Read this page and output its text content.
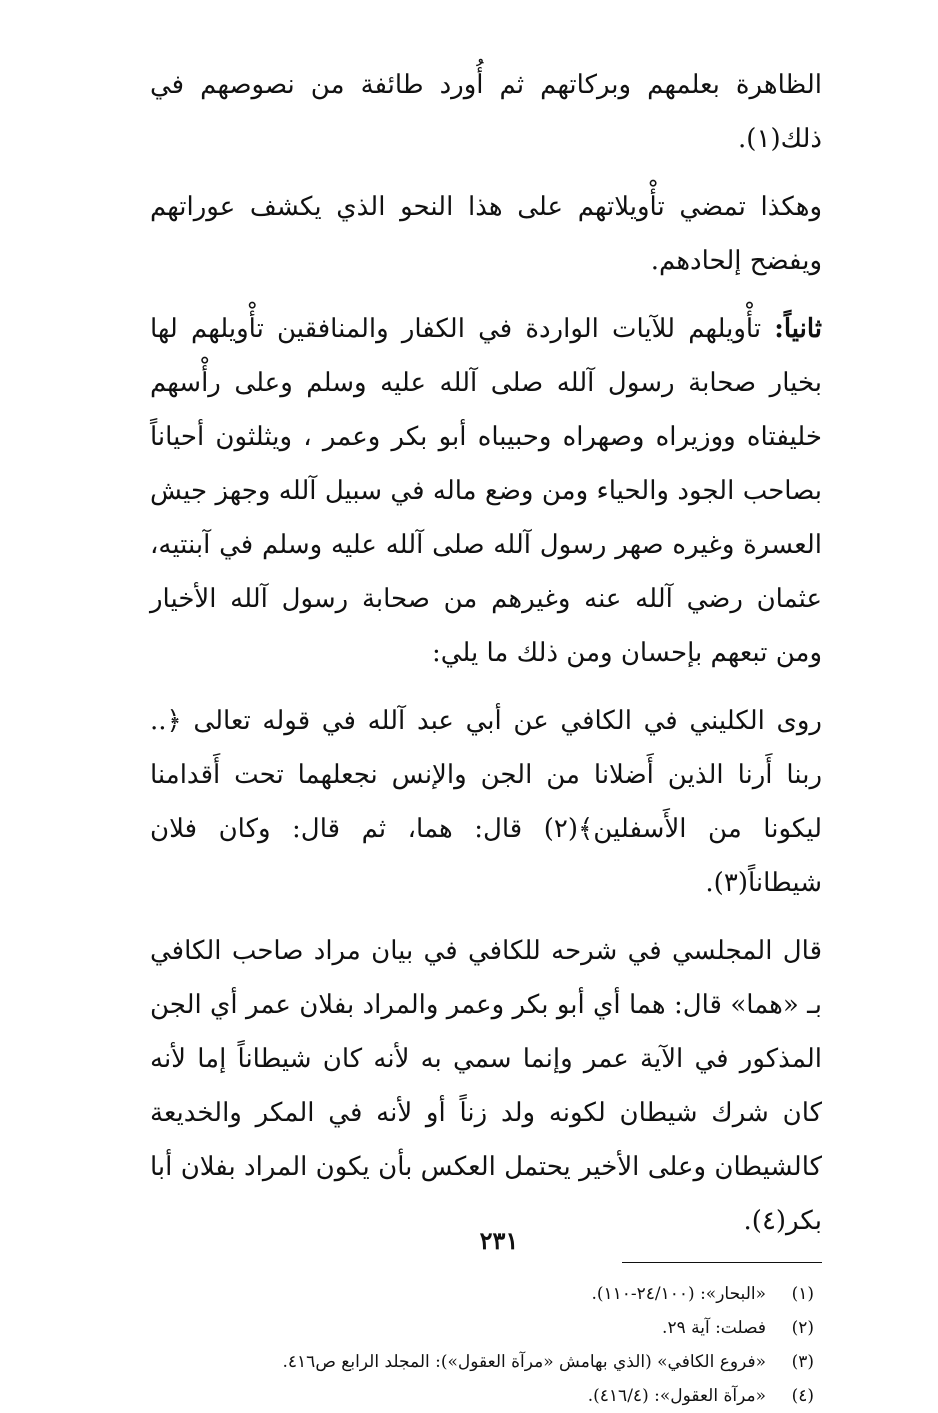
الظاهرة بعلمهم وبركاتهم ثم أُورد طائفة من نصوصهم في ذلك(١).

وهكذا تمضي تأْويلاتهم على هذا النحو الذي يكشف عوراتهم ويفضح إلحادهم.

ثانياً: تأْويلهم للآيات الواردة في الكفار والمنافقين تأْويلهم لها بخيار صحابة رسول آلله صلى آلله عليه وسلم وعلى رأْسهم خليفتاه ووزيراه وصهراه وحبيباه أبو بكر وعمر ، ويثلثون أحياناً بصاحب الجود والحياء ومن وضع ماله في سبيل آلله وجهز جيش العسرة وغيره صهر رسول آلله صلى آلله عليه وسلم في آبنتيه، عثمان رضي آلله عنه وغيرهم من صحابة رسول آلله الأخيار ومن تبعهم بإحسان ومن ذلك ما يلي:

روى الكليني في الكافي عن أبي عبد آلله في قوله تعالى ﴿.. ربنا أَرنا الذين أَضلانا من الجن والإنس نجعلهما تحت أَقدامنا ليكونا من الأَسفلين﴾(٢) قال: هما، ثم قال: وكان فلان شيطاناً(٣).

قال المجلسي في شرحه للكافي في بيان مراد صاحب الكافي بـ «هما» قال: هما أي أبو بكر وعمر والمراد بفلان عمر أي الجن المذكور في الآية عمر وإنما سمي به لأنه كان شيطاناً إما لأنه كان شرك شيطان لكونه ولد زناً أو لأنه في المكر والخديعة كالشيطان وعلى الأخير يحتمل العكس بأن يكون المراد بفلان أبا بكر(٤).

(١)
«البحار»: (٢٤/١٠٠-١١٠).
(٢)
فصلت: آية ٢٩.
(٣)
«فروع الكافي» (الذي بهامش «مرآة العقول»): المجلد الرابع ص٤١٦.
(٤)
«مرآة العقول»: (٤١٦/٤).
٢٣١
